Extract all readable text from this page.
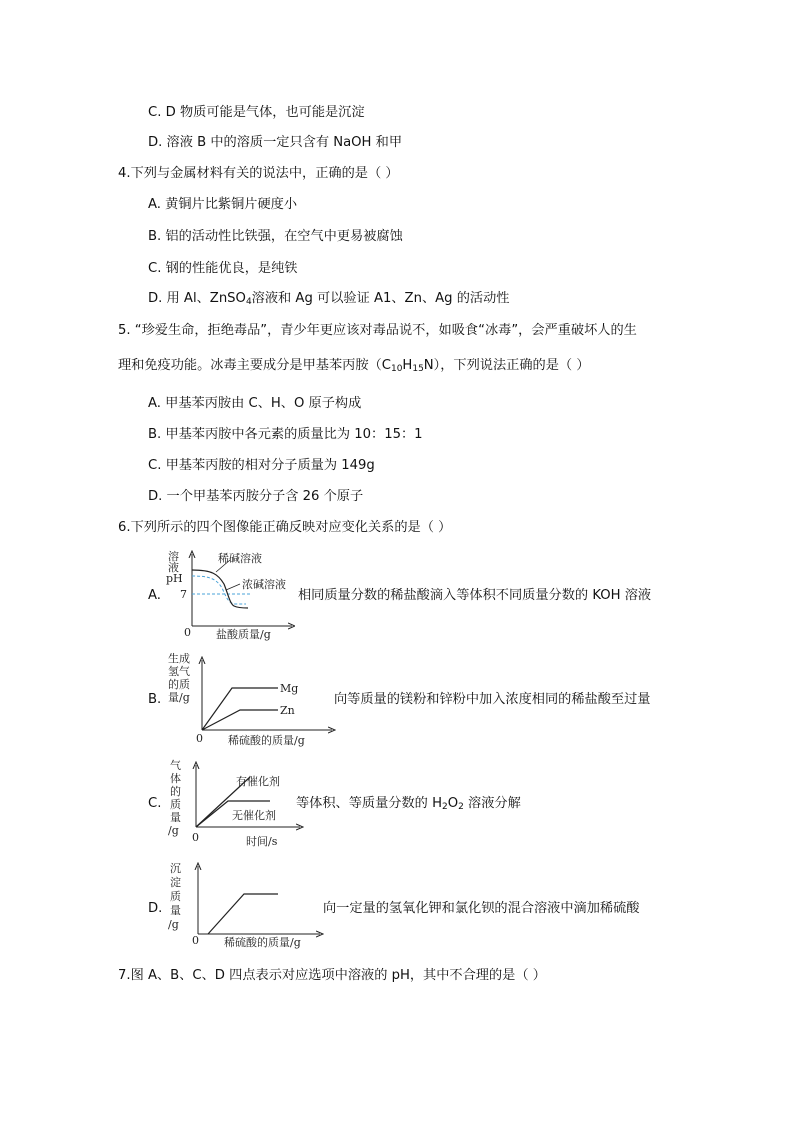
C. D 物质可能是气体，也可能是沉淀
D. 溶液 B 中的溶质一定只含有 NaOH 和甲
4.下列与金属材料有关的说法中，正确的是（ ）
A. 黄铜片比紫铜片硬度小
B. 铝的活动性比铁强，在空气中更易被腐蚀
C. 钢的性能优良，是纯铁
D. 用 Al、ZnSO$_4$溶液和 Ag 可以验证 A1、Zn、Ag 的活动性
5. “珍爱生命，拒绝毒品”，青少年更应该对毒品说不，如吸食“冰毒”，会严重破坏人的生
理和免疫功能。冰毒主要成分是甲基苯丙胺$(C_{10}H_{15}N)$，下列说法正确的是（ ）
A. 甲基苯丙胺由 C、H、O 原子构成
B. 甲基苯丙胺中各元素的质量比为 10：15：1
C. 甲基苯丙胺的相对分子质量为 149g
D. 一个甲基苯丙胺分子含 26 个原子
6.下列所示的四个图像能正确反映对应变化关系的是（ ）
A.
溶
液
pH
7
稀碱溶液
浓碱溶液
0 盐酸质量/g
相同质量分数的稀盐酸滴入等体积不同质量分数的 KOH 溶液
B.
生成
氢气
的质
量/g
Mg
Zn
0 稀硫酸的质量/g
向等质量的镁粉和锌粉中加入浓度相同的稀盐酸至过量
C.
气
体
的
质
量
/g
有催化剂
无催化剂
0	时间/s
等体积、等质量分数的 $H_2O_2$ 溶液分解
D.
沉
淀
质
量
/g
0 稀硫酸的质量/g
向一定量的氢氧化钾和氯化钡的混合溶液中滴加稀硫酸
7.图 A、B、C、D 四点表示对应选项中溶液的 pH，其中不合理的是（ ）
